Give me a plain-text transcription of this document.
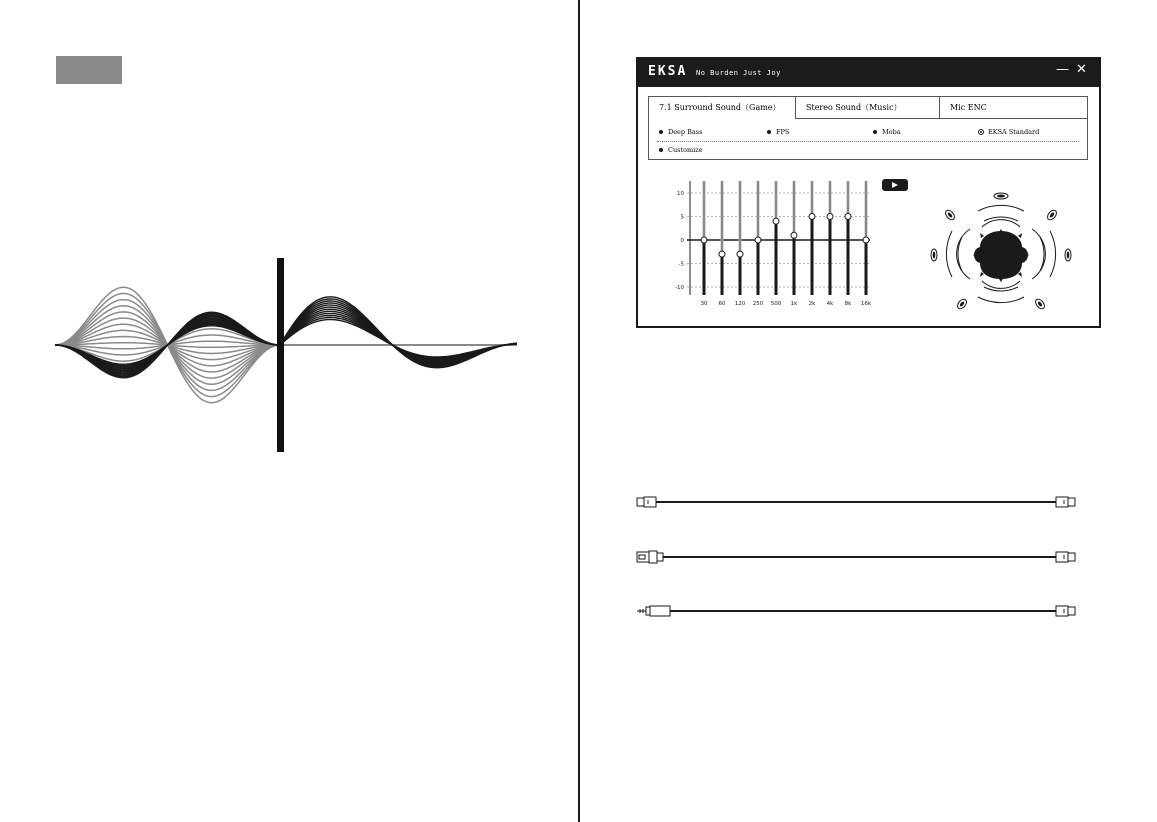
EKSA No Burden Just Joy	— ✕
7.1 Surround Sound（Game）	Stereo Sound（Music）	Mic ENC
Deep Bass	FPS	Moba	EKSA Standard
Customize
10
5
0
-5
-10
30 60 120 250 500 1k 2k 4k 8k 16k
